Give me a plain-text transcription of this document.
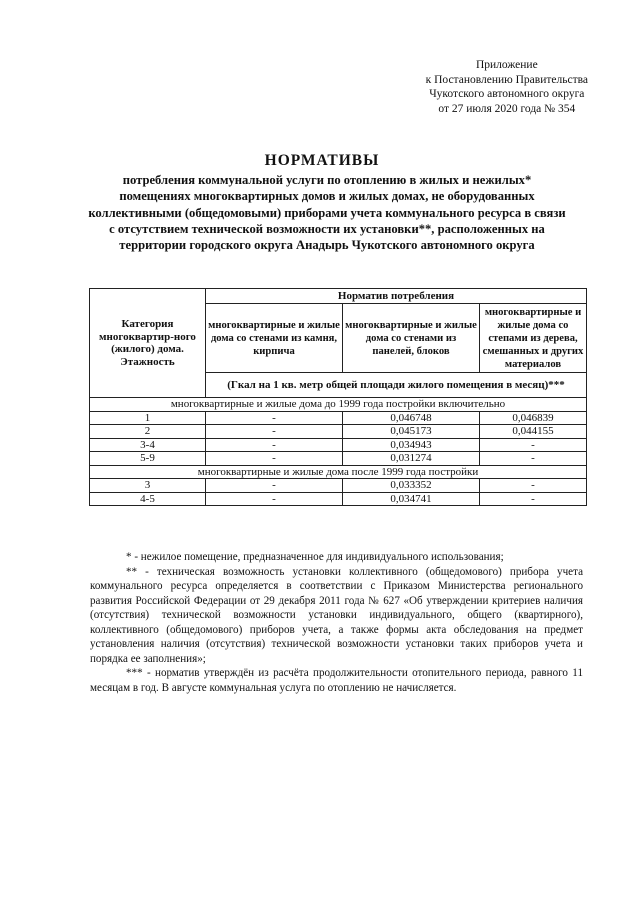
Приложение
к Постановлению Правительства
Чукотского автономного округа
от 27 июля 2020 года № 354
НОРМАТИВЫ
потребления коммунальной услуги по отоплению в жилых и нежилых* помещениях многоквартирных домов и жилых домах, не оборудованных коллективными (общедомовыми) приборами учета коммунального ресурса в связи с отсутствием технической возможности их установки**, расположенных на территории городского округа Анадырь Чукотского автономного округа
Категория многоквартир-ного (жилого) дома. Этажность	Норматив потребления		
	многоквартирные и жилые дома со стенами из камня, кирпича	многоквартирные и жилые дома со стенами из панелей, блоков	многоквартирные и жилые дома со степами из дерева, смешанных и других материалов
	(Гкал на 1 кв. метр общей площади жилого помещения в месяц)***		
многоквартирные и жилые дома до 1999 года постройки включительно			
1	-	0,046748	0,046839
2	-	0,045173	0,044155
3-4	-	0,034943	-
5-9	-	0,031274	-
многоквартирные и жилые дома после 1999 года постройки			
3	-	0,033352	-
4-5	-	0,034741	-

* - нежилое помещение, предназначенное для индивидуального использования;

** - техническая возможность установки коллективного (общедомового) прибора учета коммунального ресурса определяется в соответствии с Приказом Министерства регионального развития Российской Федерации от 29 декабря 2011 года № 627 «Об утверждении критериев наличия (отсутствия) технической возможности установки индивидуального, общего (квартирного), коллективного (общедомового) приборов учета, а также формы акта обследования на предмет установления наличия (отсутствия) технической возможности установки таких приборов учета и порядка ее заполнения»;

*** - норматив утверждён из расчёта продолжительности отопительного периода, равного 11 месяцам в год. В августе коммунальная услуга по отоплению не начисляется.
